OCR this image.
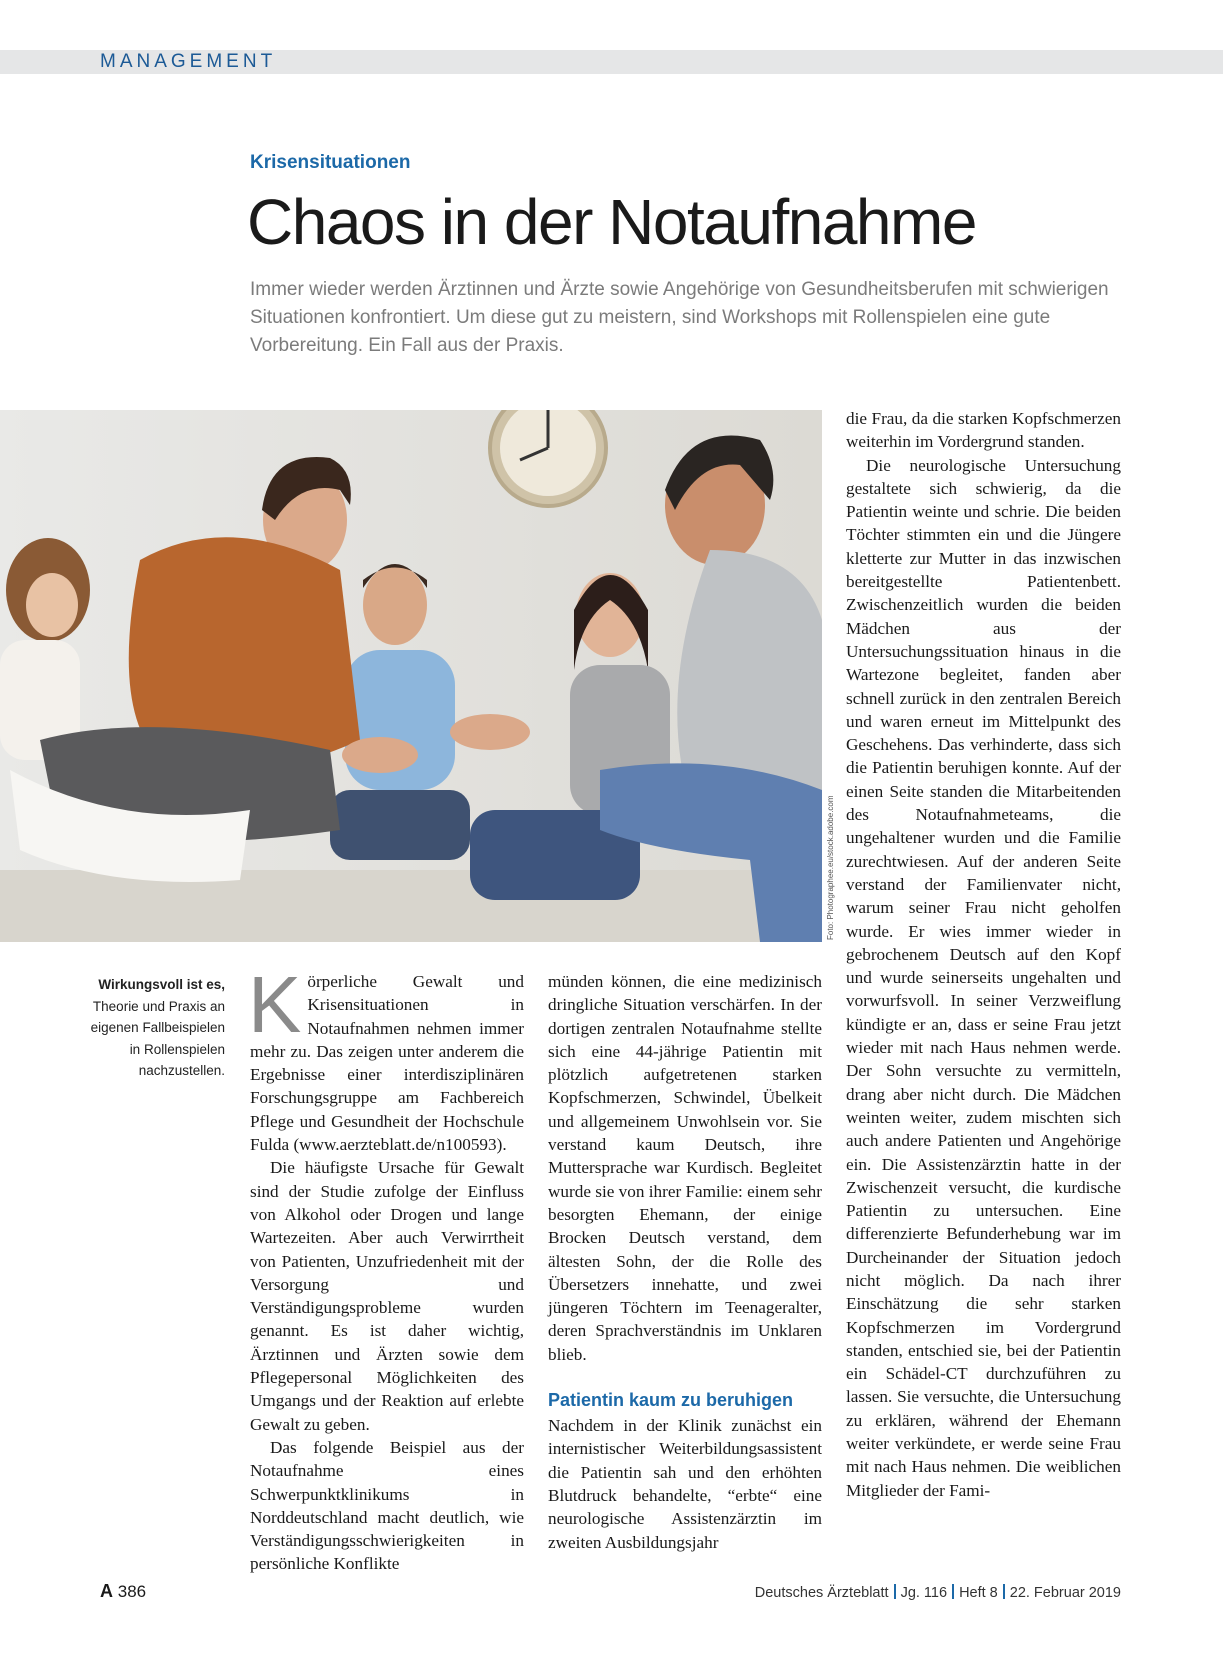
MANAGEMENT
Krisensituationen
Chaos in der Notaufnahme
Immer wieder werden Ärztinnen und Ärzte sowie Angehörige von Gesundheitsberufen mit schwierigen Situationen konfrontiert. Um diese gut zu meistern, sind Workshops mit Rollenspielen eine gute Vorbereitung. Ein Fall aus der Praxis.
Foto: Photographee.eu/stock.adobe.com
Wirkungsvoll ist es, Theorie und Praxis an eigenen Fallbeispielen in Rollenspielen nachzustellen.

Körperliche Gewalt und Krisensituationen in Notaufnahmen nehmen immer mehr zu. Das zeigen unter anderem die Ergebnisse einer interdisziplinären Forschungsgruppe am Fachbereich Pflege und Gesundheit der Hochschule Fulda (www.aerzteblatt.de/n100593).

Die häufigste Ursache für Gewalt sind der Studie zufolge der Einfluss von Alkohol oder Drogen und lange Wartezeiten. Aber auch Verwirrtheit von Patienten, Unzufriedenheit mit der Versorgung und Verständigungsprobleme wurden genannt. Es ist daher wichtig, Ärztinnen und Ärzten sowie dem Pflegepersonal Möglichkeiten des Umgangs und der Reaktion auf erlebte Gewalt zu geben.

Das folgende Beispiel aus der Notaufnahme eines Schwerpunktklinikums in Norddeutschland macht deutlich, wie Verständigungsschwierigkeiten in persönliche Konflikte

münden können, die eine medizinisch dringliche Situation verschärfen. In der dortigen zentralen Notaufnahme stellte sich eine 44-jährige Patientin mit plötzlich aufgetretenen starken Kopfschmerzen, Schwindel, Übelkeit und allgemeinem Unwohlsein vor. Sie verstand kaum Deutsch, ihre Muttersprache war Kurdisch. Begleitet wurde sie von ihrer Familie: einem sehr besorgten Ehemann, der einige Brocken Deutsch verstand, dem ältesten Sohn, der die Rolle des Übersetzers innehatte, und zwei jüngeren Töchtern im Teenageralter, deren Sprachverständnis im Unklaren blieb.

Patientin kaum zu beruhigen

Nachdem in der Klinik zunächst ein internistischer Weiterbildungsassistent die Patientin sah und den erhöhten Blutdruck behandelte, “erbte“ eine neurologische Assistenzärztin im zweiten Ausbildungsjahr

die Frau, da die starken Kopfschmerzen weiterhin im Vordergrund standen.

Die neurologische Untersuchung gestaltete sich schwierig, da die Patientin weinte und schrie. Die beiden Töchter stimmten ein und die Jüngere kletterte zur Mutter in das inzwischen bereitgestellte Patientenbett. Zwischenzeitlich wurden die beiden Mädchen aus der Untersuchungssituation hinaus in die Wartezone begleitet, fanden aber schnell zurück in den zentralen Bereich und waren erneut im Mittelpunkt des Geschehens. Das verhinderte, dass sich die Patientin beruhigen konnte. Auf der einen Seite standen die Mitarbeitenden des Notaufnahmeteams, die ungehaltener wurden und die Familie zurechtwiesen. Auf der anderen Seite verstand der Familienvater nicht, warum seiner Frau nicht geholfen wurde. Er wies immer wieder in gebrochenem Deutsch auf den Kopf und wurde seinerseits ungehalten und vorwurfsvoll. In seiner Verzweiflung kündigte er an, dass er seine Frau jetzt wieder mit nach Haus nehmen werde. Der Sohn versuchte zu vermitteln, drang aber nicht durch. Die Mädchen weinten weiter, zudem mischten sich auch andere Patienten und Angehörige ein. Die Assistenzärztin hatte in der Zwischenzeit versucht, die kurdische Patientin zu untersuchen. Eine differenzierte Befunderhebung war im Durcheinander der Situation jedoch nicht möglich. Da nach ihrer Einschätzung die sehr starken Kopfschmerzen im Vordergrund standen, entschied sie, bei der Patientin ein Schädel-CT durchzuführen zu lassen. Sie versuchte, die Untersuchung zu erklären, während der Ehemann weiter verkündete, er werde seine Frau mit nach Haus nehmen. Die weiblichen Mitglieder der Fami-

A 386	Deutsches Ärzteblatt Jg. 116 Heft 8 22. Februar 2019
